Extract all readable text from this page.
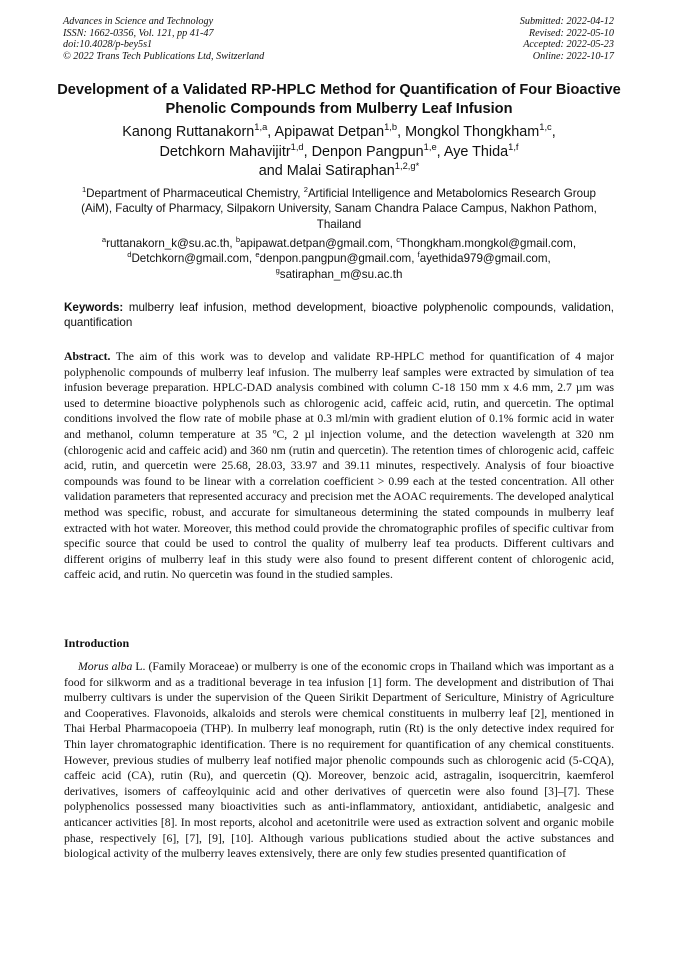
Advances in Science and Technology
ISSN: 1662-0356, Vol. 121, pp 41-47
doi:10.4028/p-bey5s1
© 2022 Trans Tech Publications Ltd, Switzerland
Submitted: 2022-04-12
Revised: 2022-05-10
Accepted: 2022-05-23
Online: 2022-10-17
Development of a Validated RP-HPLC Method for Quantification of Four Bioactive Phenolic Compounds from Mulberry Leaf Infusion
Kanong Ruttanakorn$^{1,a}$, Apipawat Detpan$^{1,b}$, Mongkol Thongkham$^{1,c}$,
Detchkorn Mahavijitr$^{1,d}$, Denpon Pangpun$^{1,e}$, Aye Thida$^{1,f}$
and Malai Satiraphan$^{1,2,g*}$
$^1$Department of Pharmaceutical Chemistry, $^2$Artificial Intelligence and Metabolomics Research Group (AiM), Faculty of Pharmacy, Silpakorn University, Sanam Chandra Palace Campus, Nakhon Pathom, Thailand
$^a$ruttanakorn_k@su.ac.th, $^b$apipawat.detpan@gmail.com, $^c$Thongkham.mongkol@gmail.com,
$^d$Detchkorn@gmail.com, $^e$denpon.pangpun@gmail.com, $^f$ayethida979@gmail.com,
$^g$satiraphan_m@su.ac.th
Keywords: mulberry leaf infusion, method development, bioactive polyphenolic compounds, validation, quantification
Abstract. The aim of this work was to develop and validate RP-HPLC method for quantification of 4 major polyphenolic compounds of mulberry leaf infusion. The mulberry leaf samples were extracted by simulation of tea infusion beverage preparation. HPLC-DAD analysis combined with column C-18 150 mm x 4.6 mm, 2.7 µm was used to determine bioactive polyphenols such as chlorogenic acid, caffeic acid, rutin, and quercetin. The optimal conditions involved the flow rate of mobile phase at 0.3 ml/min with gradient elution of 0.1% formic acid in water and methanol, column temperature at 35 ºC, 2 µl injection volume, and the detection wavelength at 320 nm (chlorogenic acid and caffeic acid) and 360 nm (rutin and quercetin). The retention times of chlorogenic acid, caffeic acid, rutin, and quercetin were 25.68, 28.03, 33.97 and 39.11 minutes, respectively. Analysis of four bioactive compounds was found to be linear with a correlation coefficient > 0.99 each at the tested concentration. All other validation parameters that represented accuracy and precision met the AOAC requirements. The developed analytical method was specific, robust, and accurate for simultaneous determining the stated compounds in mulberry leaf extracted with hot water. Moreover, this method could provide the chromatographic profiles of specific cultivar from specific source that could be used to control the quality of mulberry leaf tea products. Different cultivars and different origins of mulberry leaf in this study were also found to present different content of chlorogenic acid, caffeic acid, and rutin. No quercetin was found in the studied samples.
Introduction

Morus alba L. (Family Moraceae) or mulberry is one of the economic crops in Thailand which was important as a food for silkworm and as a traditional beverage in tea infusion [1] form. The development and distribution of Thai mulberry cultivars is under the supervision of the Queen Sirikit Department of Sericulture, Ministry of Agriculture and Cooperatives. Flavonoids, alkaloids and sterols were chemical constituents in mulberry leaf [2], mentioned in Thai Herbal Pharmacopoeia (THP). In mulberry leaf monograph, rutin (Rt) is the only detective index required for Thin layer chromatographic identification. There is no requirement for quantification of any chemical constituents. However, previous studies of mulberry leaf notified major phenolic compounds such as chlorogenic acid (5-CQA), caffeic acid (CA), rutin (Ru), and quercetin (Q). Moreover, benzoic acid, astragalin, isoquercitrin, kaemferol derivatives, isomers of caffeoylquinic acid and other derivatives of quercetin were also found [3]–[7]. These polyphenolics possessed many bioactivities such as anti-inflammatory, antioxidant, antidiabetic, analgesic and anticancer activities [8]. In most reports, alcohol and acetonitrile were used as extraction solvent and organic mobile phase, respectively [6], [7], [9], [10]. Although various publications studied about the active substances and biological activity of the mulberry leaves extensively, there are only few studies presented quantification of
